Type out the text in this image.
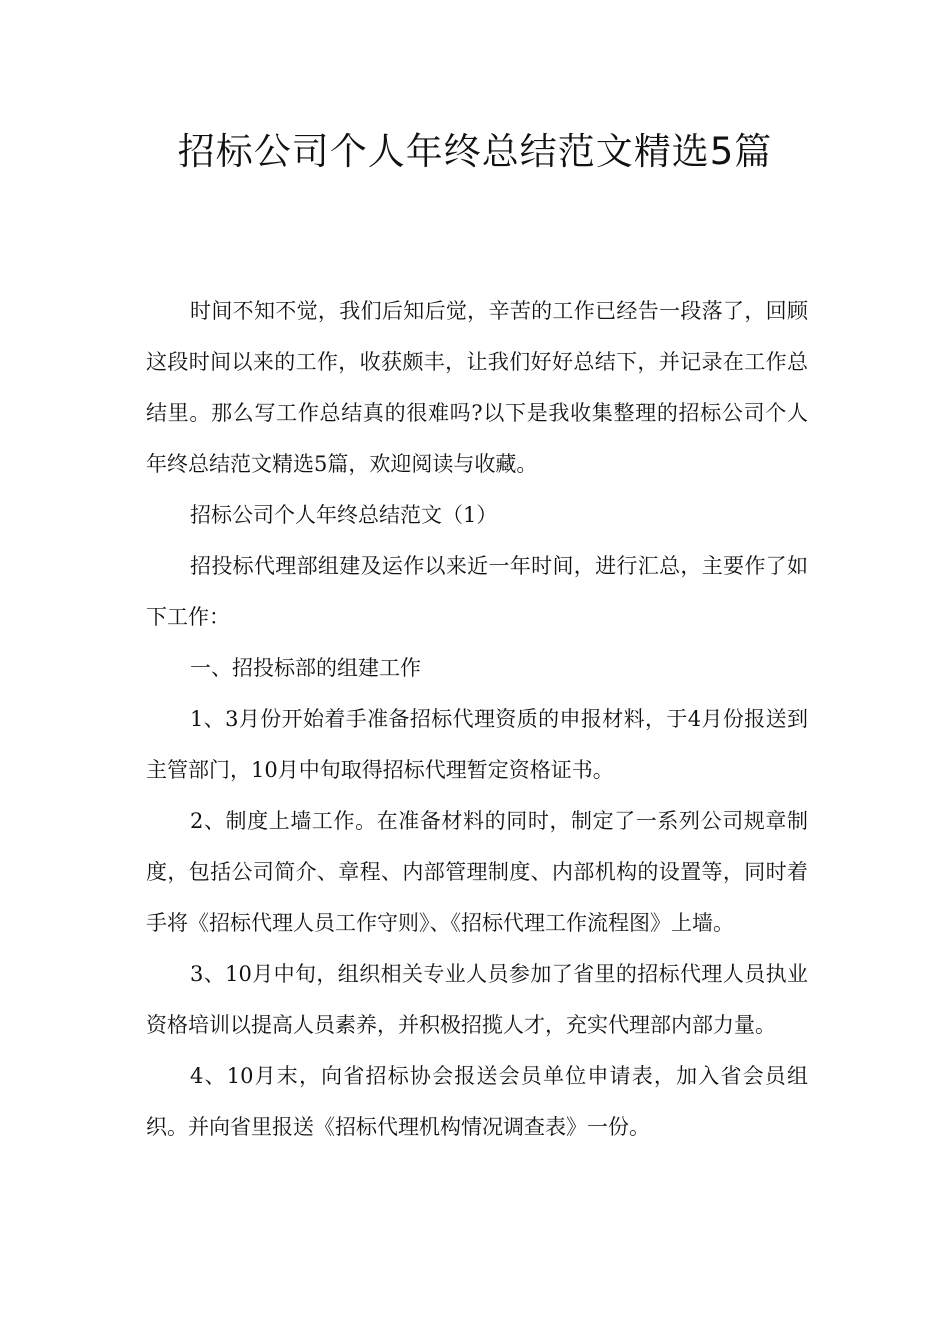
招标公司个人年终总结范文精选5篇

时间不知不觉，我们后知后觉，辛苦的工作已经告一段落了，回顾这段时间以来的工作，收获颇丰，让我们好好总结下，并记录在工作总结里。那么写工作总结真的很难吗?以下是我收集整理的招标公司个人年终总结范文精选5篇，欢迎阅读与收藏。

招标公司个人年终总结范文（1）

招投标代理部组建及运作以来近一年时间，进行汇总，主要作了如下工作：

一、招投标部的组建工作

1、3月份开始着手准备招标代理资质的申报材料，于4月份报送到主管部门，10月中旬取得招标代理暂定资格证书。

2、制度上墙工作。在准备材料的同时，制定了一系列公司规章制度，包括公司简介、章程、内部管理制度、内部机构的设置等，同时着手将《招标代理人员工作守则》、《招标代理工作流程图》上墙。

3、10月中旬，组织相关专业人员参加了省里的招标代理人员执业资格培训以提高人员素养，并积极招揽人才，充实代理部内部力量。

4、10月末，向省招标协会报送会员单位申请表，加入省会员组织。并向省里报送《招标代理机构情况调查表》一份。
